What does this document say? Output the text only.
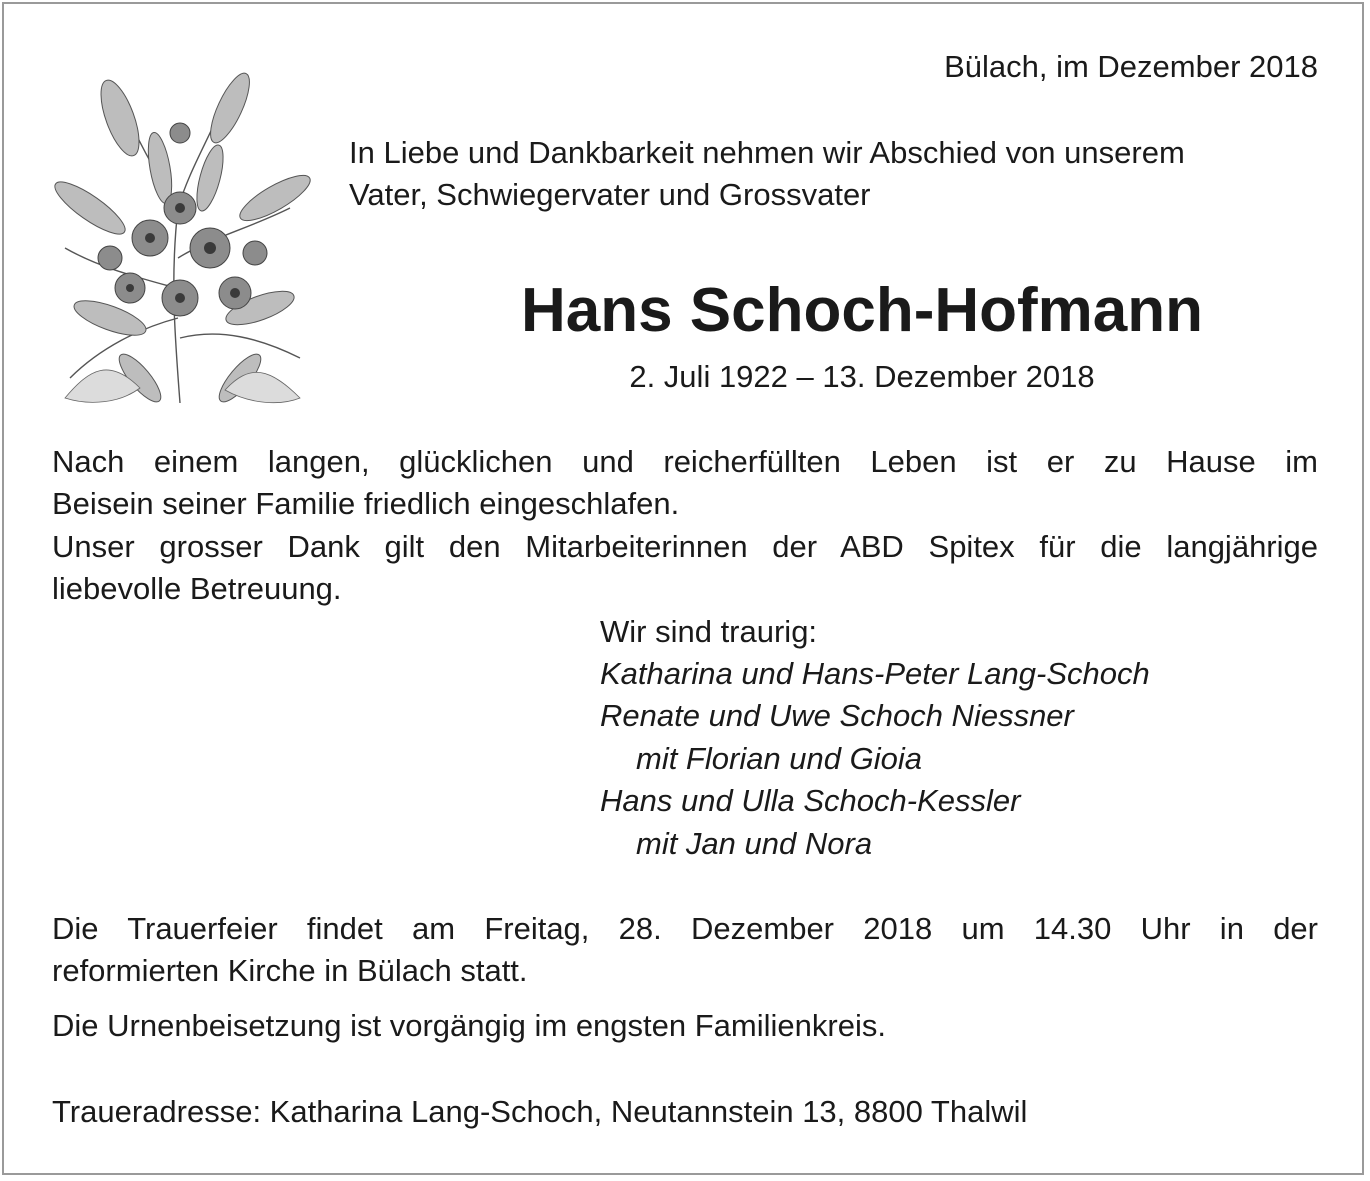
Bülach, im Dezember 2018
In Liebe und Dankbarkeit nehmen wir Abschied von unserem
Vater, Schwiegervater und Grossvater
Hans Schoch-Hofmann
2. Juli 1922 – 13. Dezember 2018
Nach einem langen, glücklichen und reicherfüllten Leben ist er zu Hause im
Beisein seiner Familie friedlich eingeschlafen.
Unser grosser Dank gilt den Mitarbeiterinnen der ABD Spitex für die langjährige
liebevolle Betreuung.
Wir sind traurig:
Katharina und Hans-Peter Lang-Schoch
Renate und Uwe Schoch Niessner
mit Florian und Gioia
Hans und Ulla Schoch-Kessler
mit Jan und Nora
Die Trauerfeier findet am Freitag, 28. Dezember 2018 um 14.30 Uhr in der
reformierten Kirche in Bülach statt.
Die Urnenbeisetzung ist vorgängig im engsten Familienkreis.
Traueradresse: Katharina Lang-Schoch, Neutannstein 13, 8800 Thalwil
